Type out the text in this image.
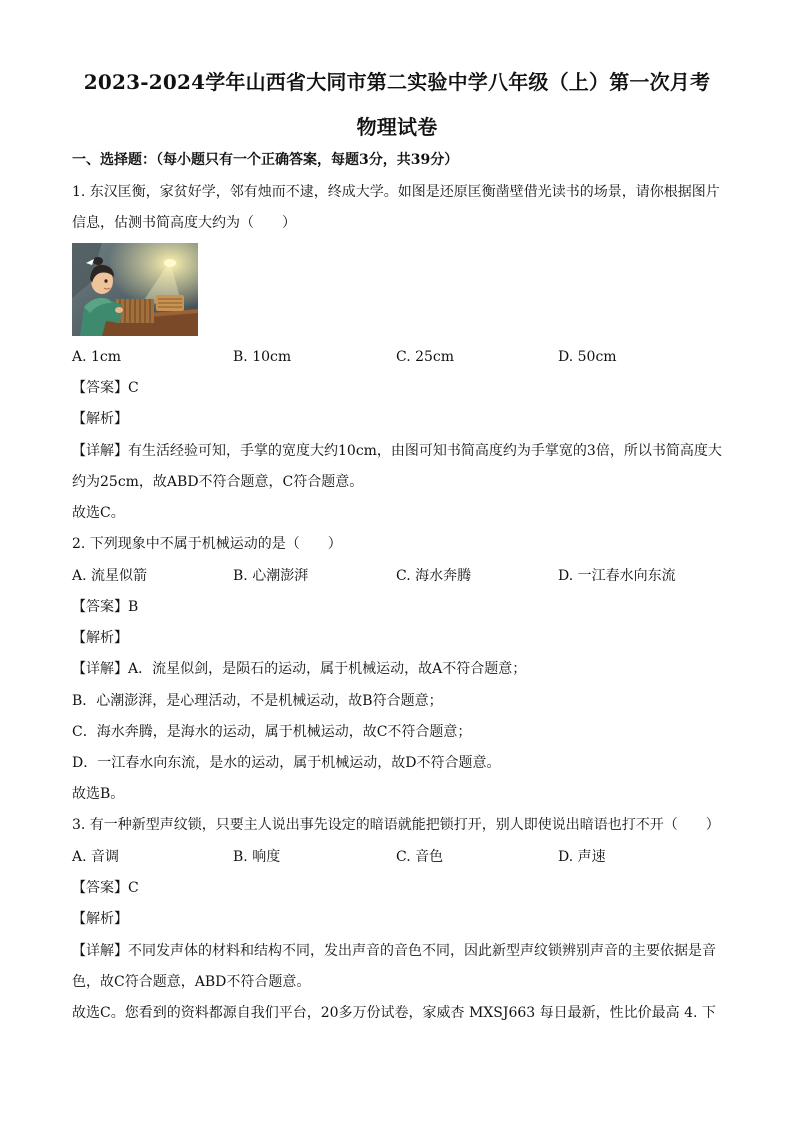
2023-2024学年山西省大同市第二实验中学八年级（上）第一次月考
物理试卷
一、选择题：（每小题只有一个正确答案，每题3分，共39分）
1. 东汉匡衡，家贫好学，邻有烛而不逮，终成大学。如图是还原匡衡凿壁借光读书的场景，请你根据图片
信息，估测书简高度大约为（　　）
A. 1cm	B. 10cm	C. 25cm	D. 50cm
【答案】C
【解析】
【详解】有生活经验可知，手掌的宽度大约10cm，由图可知书简高度约为手掌宽的3倍，所以书简高度大
约为25cm，故ABD不符合题意，C符合题意。
故选C。
2. 下列现象中不属于机械运动的是（　　）
A. 流星似箭	B. 心潮澎湃	C. 海水奔腾	D. 一江春水向东流
【答案】B
【解析】
【详解】A．流星似剑，是陨石的运动，属于机械运动，故A不符合题意；
B．心潮澎湃，是心理活动，不是机械运动，故B符合题意；
C．海水奔腾，是海水的运动，属于机械运动，故C不符合题意；
D．一江春水向东流，是水的运动，属于机械运动，故D不符合题意。
故选B。
3. 有一种新型声纹锁，只要主人说出事先设定的暗语就能把锁打开，别人即使说出暗语也打不开（　　）
A. 音调	B. 响度	C. 音色	D. 声速
【答案】C
【解析】
【详解】不同发声体的材料和结构不同，发出声音的音色不同，因此新型声纹锁辨别声音的主要依据是音
色，故C符合题意，ABD不符合题意。
故选C。您看到的资料都源自我们平台，20多万份试卷，家威杏 MXSJ663 每日最新，性比价最高 4. 下
